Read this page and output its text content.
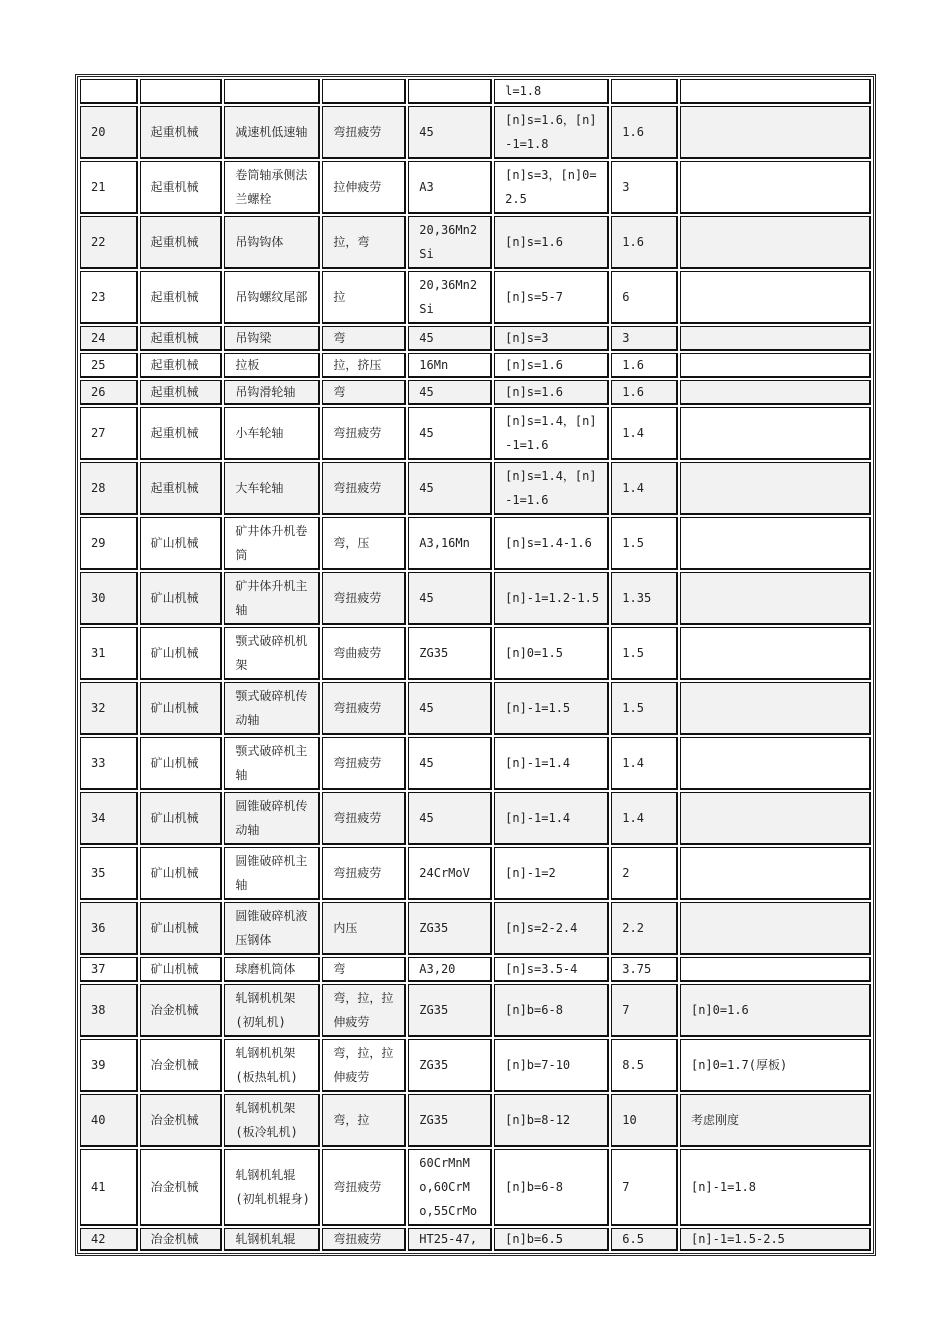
					l=1.8		
20	起重机械	减速机低速轴	弯扭疲劳	45	[n]s=1.6，[n]-1=1.8	1.6	
21	起重机械	卷筒轴承侧法兰螺栓	拉伸疲劳	A3	[n]s=3，[n]0=2.5	3	
22	起重机械	吊钩钩体	拉，弯	20,36Mn2Si	[n]s=1.6	1.6	
23	起重机械	吊钩螺纹尾部	拉	20,36Mn2Si	[n]s=5-7	6	
24	起重机械	吊钩梁	弯	45	[n]s=3	3	
25	起重机械	拉板	拉，挤压	16Mn	[n]s=1.6	1.6	
26	起重机械	吊钩滑轮轴	弯	45	[n]s=1.6	1.6	
27	起重机械	小车轮轴	弯扭疲劳	45	[n]s=1.4，[n]-1=1.6	1.4	
28	起重机械	大车轮轴	弯扭疲劳	45	[n]s=1.4，[n]-1=1.6	1.4	
29	矿山机械	矿井体升机卷筒	弯，压	A3,16Mn	[n]s=1.4-1.6	1.5	
30	矿山机械	矿井体升机主轴	弯扭疲劳	45	[n]-1=1.2-1.5	1.35	
31	矿山机械	颚式破碎机机架	弯曲疲劳	ZG35	[n]0=1.5	1.5	
32	矿山机械	颚式破碎机传动轴	弯扭疲劳	45	[n]-1=1.5	1.5	
33	矿山机械	颚式破碎机主轴	弯扭疲劳	45	[n]-1=1.4	1.4	
34	矿山机械	圆锥破碎机传动轴	弯扭疲劳	45	[n]-1=1.4	1.4	
35	矿山机械	圆锥破碎机主轴	弯扭疲劳	24CrMoV	[n]-1=2	2	
36	矿山机械	圆锥破碎机液压钢体	内压	ZG35	[n]s=2-2.4	2.2	
37	矿山机械	球磨机筒体	弯	A3,20	[n]s=3.5-4	3.75	
38	冶金机械	轧钢机机架(初轧机)	弯，拉，拉伸疲劳	ZG35	[n]b=6-8	7	[n]0=1.6
39	冶金机械	轧钢机机架(板热轧机)	弯，拉，拉伸疲劳	ZG35	[n]b=7-10	8.5	[n]0=1.7(厚板)
40	冶金机械	轧钢机机架(板冷轧机)	弯，拉	ZG35	[n]b=8-12	10	考虑刚度
41	冶金机械	轧钢机轧辊(初轧机辊身)	弯扭疲劳	60CrMnMo,60CrMo,55CrMo	[n]b=6-8	7	[n]-1=1.8
42	冶金机械	轧钢机轧辊	弯扭疲劳	HT25-47,	[n]b=6.5	6.5	[n]-1=1.5-2.5
